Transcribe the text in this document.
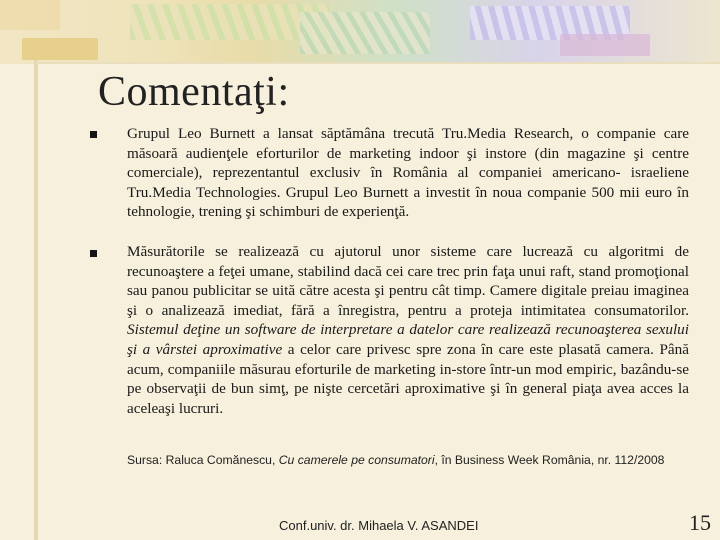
Comentaţi:

Grupul Leo Burnett a lansat săptămâna trecută Tru.Media Research, o companie care măsoară audienţele eforturilor de marketing indoor şi instore (din magazine şi centre comerciale), reprezentantul exclusiv în România al companiei americano- israeliene Tru.Media Technologies. Grupul Leo Burnett a investit în noua companie 500 mii euro în tehnologie, trening şi schimburi de experienţă.

Măsurătorile se realizează cu ajutorul unor sisteme care lucrează cu algoritmi de recunoaştere a feţei umane, stabilind dacă cei care trec prin faţa unui raft, stand promoţional sau panou publicitar se uită către acesta şi pentru cât timp. Camere digitale preiau imaginea şi o analizează imediat, fără a înregistra, pentru a proteja intimitatea consumatorilor. Sistemul deţine un software de interpretare a datelor care realizează recunoaşterea sexului şi a vârstei aproximative a celor care privesc spre zona în care este plasată camera. Până acum, companiile măsurau eforturile de marketing in-store într-un mod empiric, bazându-se pe observaţii de bun simţ, pe nişte cercetări aproximative şi în general piaţa avea acces la aceleaşi lucruri.

Sursa: Raluca Comănescu, Cu camerele pe consumatori, în Business Week România, nr. 112/2008

Conf.univ. dr. Mihaela V. ASANDEI	15
